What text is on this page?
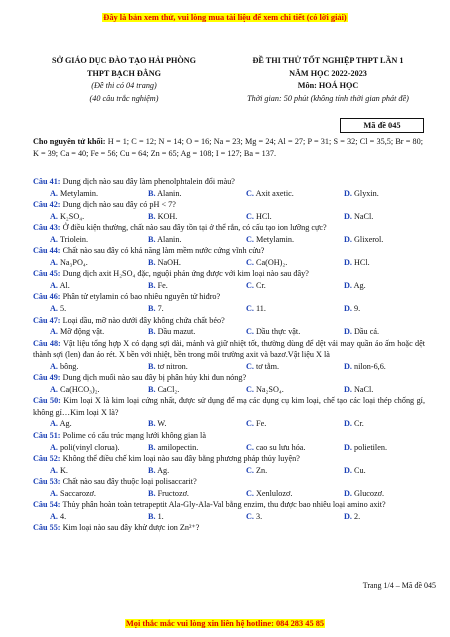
Đây là bản xem thử, vui lòng mua tài liệu để xem chi tiết (có lời giải)
SỞ GIÁO DỤC ĐÀO TẠO HẢI PHÒNG
THPT BẠCH ĐẰNG
(Đề thi có 04 trang)
(40 câu trắc nghiệm)
ĐỀ THI THỬ TỐT NGHIỆP THPT LẦN 1
NĂM HỌC 2022-2023
Môn: HOÁ HỌC
Thời gian: 50 phút (không tính thời gian phát đề)
Mã đề 045
Cho nguyên tử khối: H = 1; C = 12; N = 14; O = 16; Na = 23; Mg = 24; Al = 27; P = 31; S = 32; Cl = 35,5; Br = 80; K = 39; Ca = 40; Fe = 56; Cu = 64; Zn = 65; Ag = 108; I = 127; Ba = 137.
Câu 41: Dung dịch nào sau đây làm phenolphtalein đổi màu?
A. Metylamin.	B. Alanin.	C. Axit axetic.	D. Glyxin.
Câu 42: Dung dịch nào sau đây có pH < 7?
A. K₂SO₄.	B. KOH.	C. HCl.	D. NaCl.
Câu 43: Ở điều kiện thường, chất nào sau đây tồn tại ở thể rắn, có cấu tạo ion lưỡng cực?
A. Triolein.	B. Alanin.	C. Metylamin.	D. Glixerol.
Câu 44: Chất nào sau đây có khả năng làm mềm nước cứng vĩnh cửu?
A. Na₃PO₄.	B. NaOH.	C. Ca(OH)₂.	D. HCl.
Câu 45: Dung dịch axit H₂SO₄ đặc, nguội phản ứng được với kim loại nào sau đây?
A. Al.	B. Fe.	C. Cr.	D. Ag.
Câu 46: Phân tử etylamin có bao nhiêu nguyên tử hiđro?
A. 5.	B. 7.	C. 11.	D. 9.
Câu 47: Loại dầu, mỡ nào dưới đây không chứa chất béo?
A. Mỡ động vật.	B. Dầu mazut.	C. Dầu thực vật.	D. Dầu cá.
Câu 48: Vật liệu tổng hợp X có dạng sợi dài, mảnh và giữ nhiệt tốt, thường dùng để dệt vải may quần áo ấm hoặc dệt thành sợi (len) đan áo rét. X bền với nhiệt, bền trong môi trường axit và bazơ.Vật liệu X là
A. bông.	B. tơ nitron.	C. tơ tằm.	D. nilon-6,6.
Câu 49: Dung dịch muối nào sau đây bị phân hủy khi đun nóng?
A. Ca(HCO₃)₂.	B. CaCl₂.	C. Na₂SO₄.	D. NaCl.
Câu 50: Kim loại X là kim loại cứng nhất, được sử dụng để mạ các dụng cụ kim loại, chế tạo các loại thép chống gỉ, không gỉ…Kim loại X là?
A. Ag.	B. W.	C. Fe.	D. Cr.
Câu 51: Polime có cấu trúc mạng lưới không gian là
A. poli(vinyl clorua).	B. amilopectin.	C. cao su lưu hóa.	D. polietilen.
Câu 52: Không thể điều chế kim loại nào sau đây bằng phương pháp thủy luyện?
A. K.	B. Ag.	C. Zn.	D. Cu.
Câu 53: Chất nào sau đây thuộc loại polisaccarit?
A. Saccarozơ.	B. Fructozơ.	C. Xenlulozơ.	D. Glucozơ.
Câu 54: Thủy phân hoàn toàn tetrapeptit Ala-Gly-Ala-Val bằng enzim, thu được bao nhiêu loại amino axit?
A. 4.	B. 1.	C. 3.	D. 2.
Câu 55: Kim loại nào sau đây khử được ion Zn²⁺?
Trang 1/4 – Mã đề 045
Mọi thắc mắc vui lòng xin liên hệ hotline: 084 283 45 85
